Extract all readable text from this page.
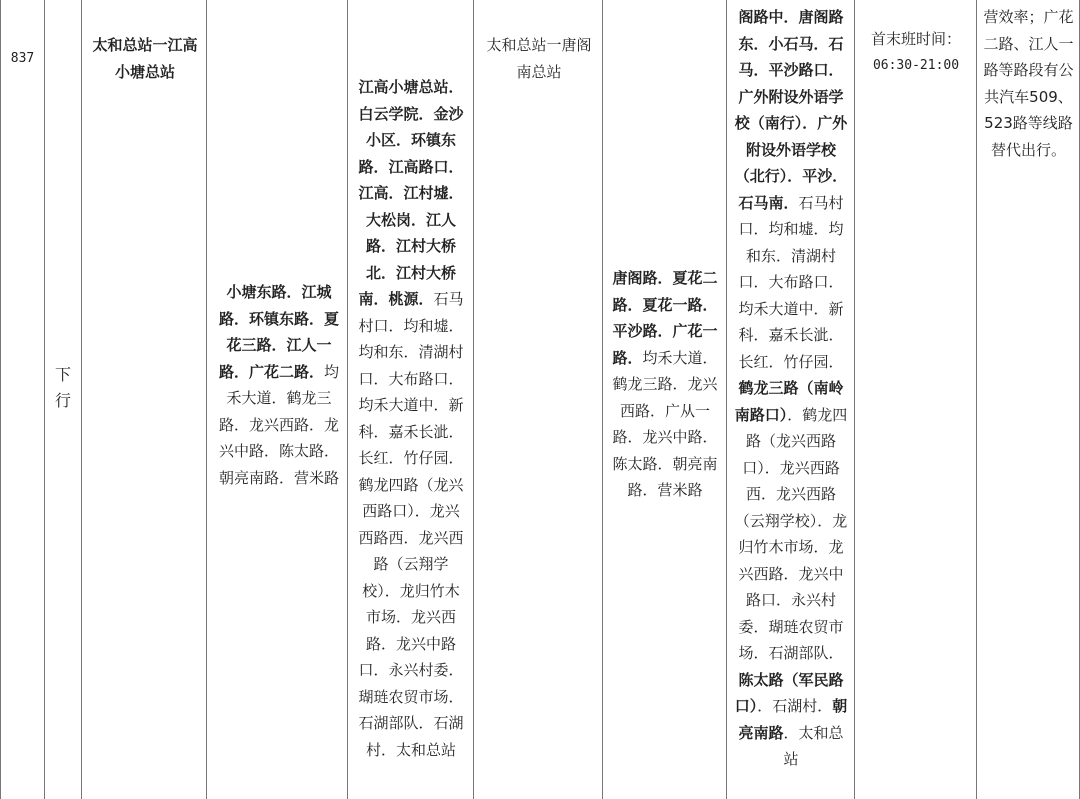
837
下行
太和总站一江高小塘总站
小塘东路．江城路．环镇东路．夏花三路．江人一路．广花二路．均禾大道．鹤龙三路．龙兴西路．龙兴中路．陈太路．朝亮南路．营米路
江高小塘总站．白云学院．金沙小区．环镇东路．江高路口．江高．江村墟．大松岗．江人路．江村大桥北．江村大桥南．桃源．石马村口．均和墟．均和东．清湖村口．大布路口．均禾大道中．新科．嘉禾长泚．长红．竹仔园．鹤龙四路（龙兴西路口）．龙兴西路西．龙兴西路（云翔学校）．龙归竹木市场．龙兴西路．龙兴中路口．永兴村委．瑚琏农贸市场．石湖部队．石湖村．太和总站
太和总站一唐阁南总站
唐阁路．夏花二路．夏花一路．平沙路．广花一路．均禾大道．鹤龙三路．龙兴西路．广从一路．龙兴中路．陈太路．朝亮南路．营米路
阁路中．唐阁路东．小石马．石马．平沙路口．广外附设外语学校（南行）．广外附设外语学校（北行）．平沙．石马南．石马村口．均和墟．均和东．清湖村口．大布路口．均禾大道中．新科．嘉禾长泚．长红．竹仔园．鹤龙三路（南岭南路口）．鹤龙四路（龙兴西路口）．龙兴西路西．龙兴西路（云翔学校）．龙归竹木市场．龙兴西路．龙兴中路口．永兴村委．瑚琏农贸市场．石湖部队．陈太路（军民路口）．石湖村．朝亮南路．太和总站
首末班时间：
06:30-21:00
营效率；广花二路、江人一路等路段有公共汽车509、523路等线路替代出行。
